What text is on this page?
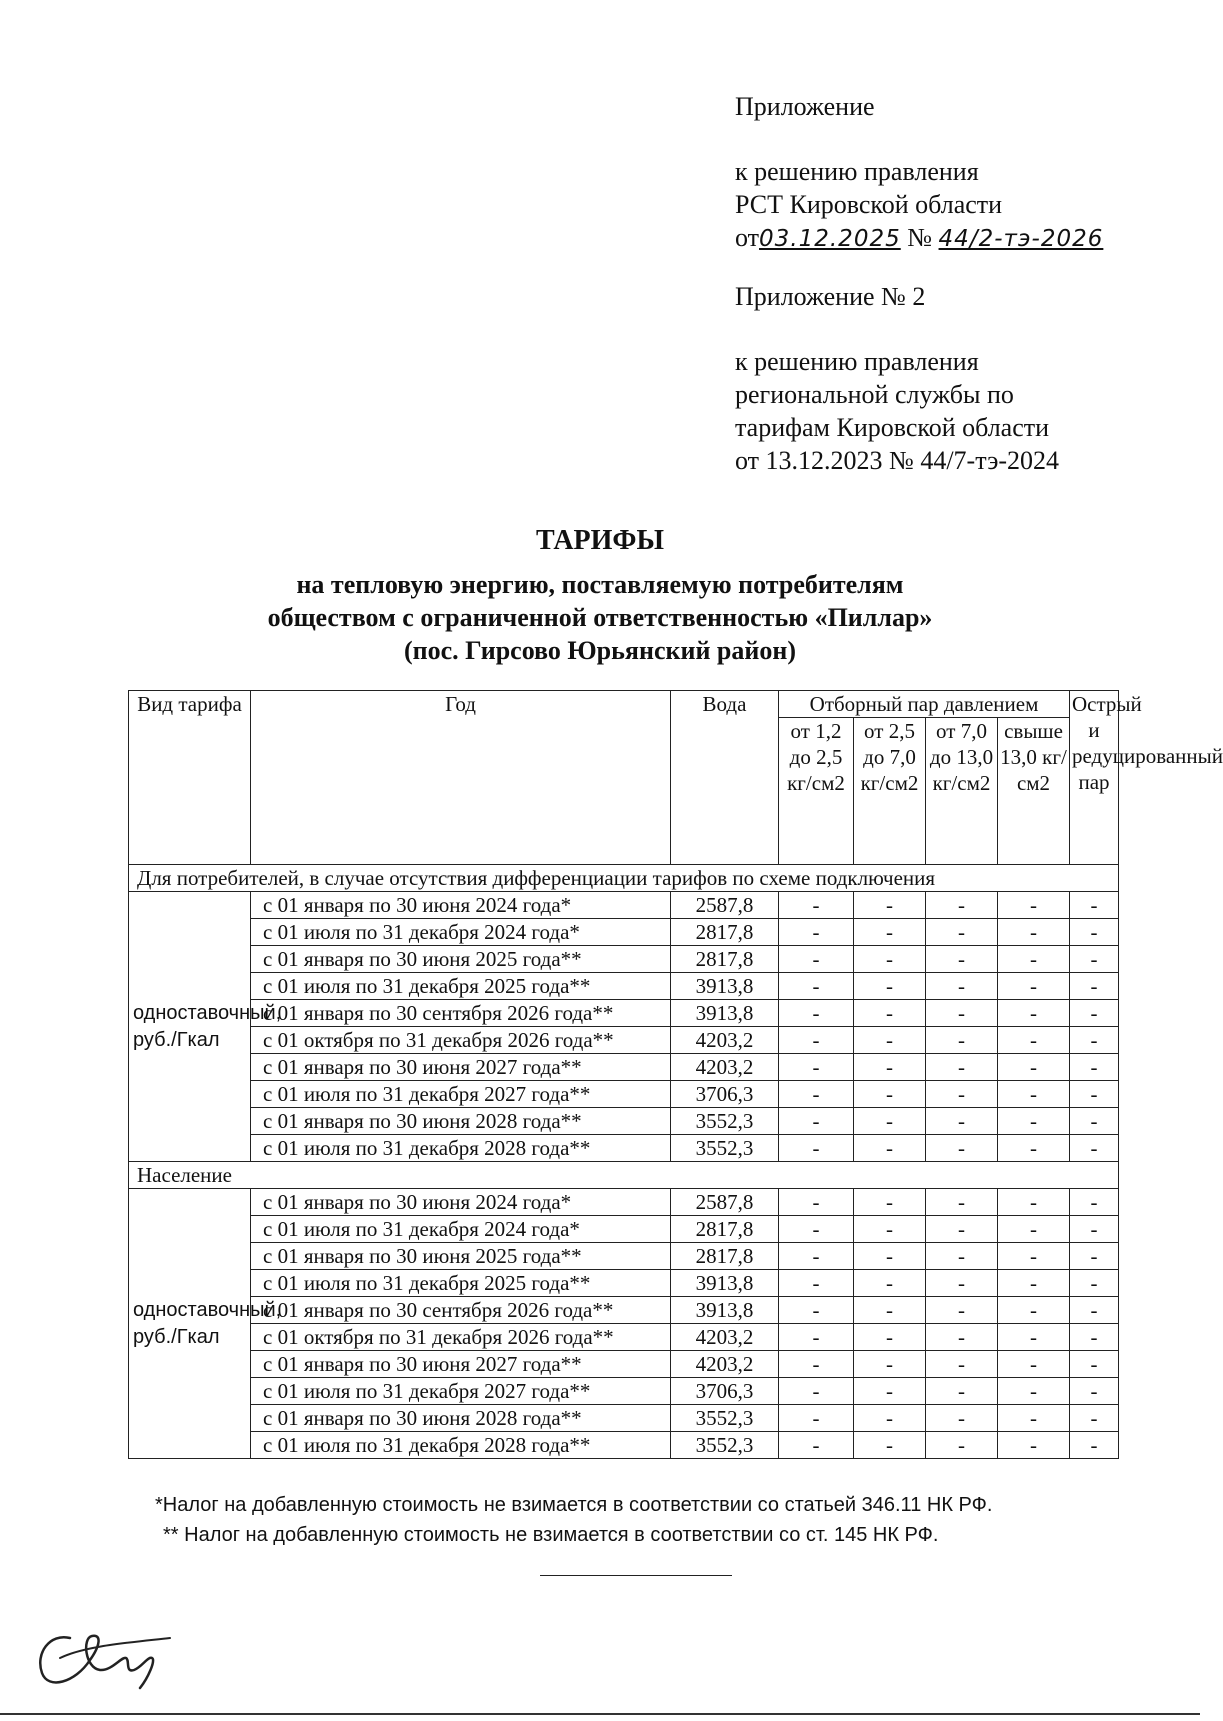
Приложение
к решению правления
РСТ Кировской области
от03.12.2025 № 44/2-тэ-2026
Приложение № 2
к решению правления
региональной службы по
тарифам Кировской области
от 13.12.2023 № 44/7-тэ-2024
ТАРИФЫ
на тепловую энергию, поставляемую потребителям
обществом с ограниченной ответственностью «Пиллар»
(пос. Гирсово Юрьянский район)
Вид тарифа	Год	Вода	Отборный пар давлением				Острый и редуцированный пар
			от 1,2 до 2,5 кг/см2	от 2,5 до 7,0 кг/см2	от 7,0 до 13,0 кг/см2	свыше 13,0 кг/см2	
Для потребителей, в случае отсутствия дифференциации тарифов по схеме подключения							
одноставочный, руб./Гкал	с 01 января по 30 июня 2024 года*	2587,8	-	-	-	-	-
	с 01 июля по 31 декабря 2024 года*	2817,8	-	-	-	-	-
	с 01 января по 30 июня 2025 года**	2817,8	-	-	-	-	-
	с 01 июля по 31 декабря 2025 года**	3913,8	-	-	-	-	-
	с 01 января по 30 сентября 2026 года**	3913,8	-	-	-	-	-
	с 01 октября по 31 декабря 2026 года**	4203,2	-	-	-	-	-
	с 01 января по 30 июня 2027 года**	4203,2	-	-	-	-	-
	с 01 июля по 31 декабря 2027 года**	3706,3	-	-	-	-	-
	с 01 января по 30 июня 2028 года**	3552,3	-	-	-	-	-
	с 01 июля по 31 декабря 2028 года**	3552,3	-	-	-	-	-
Население							
одноставочный, руб./Гкал	с 01 января по 30 июня 2024 года*	2587,8	-	-	-	-	-
	с 01 июля по 31 декабря 2024 года*	2817,8	-	-	-	-	-
	с 01 января по 30 июня 2025 года**	2817,8	-	-	-	-	-
	с 01 июля по 31 декабря 2025 года**	3913,8	-	-	-	-	-
	с 01 января по 30 сентября 2026 года**	3913,8	-	-	-	-	-
	с 01 октября по 31 декабря 2026 года**	4203,2	-	-	-	-	-
	с 01 января по 30 июня 2027 года**	4203,2	-	-	-	-	-
	с 01 июля по 31 декабря 2027 года**	3706,3	-	-	-	-	-
	с 01 января по 30 июня 2028 года**	3552,3	-	-	-	-	-
	с 01 июля по 31 декабря 2028 года**	3552,3	-	-	-	-	-
*Налог на добавленную стоимость не взимается в соответствии со статьей 346.11 НК РФ.
** Налог на добавленную стоимость не взимается в соответствии со ст. 145 НК РФ.
